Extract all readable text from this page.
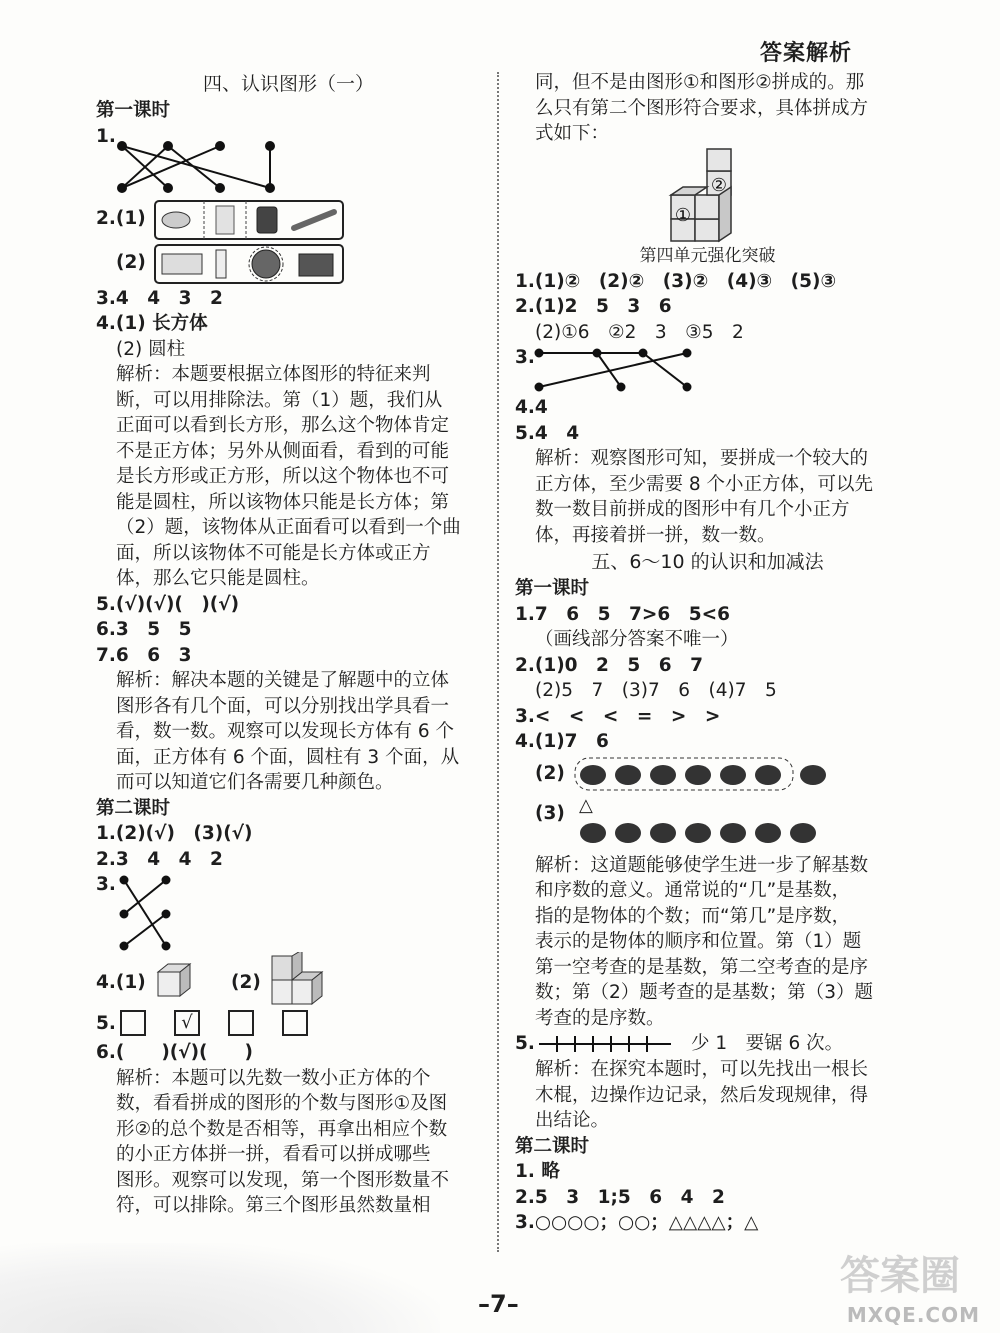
答案解析
四、认识图形（一）
第一课时
1.
2.(1)
(2)
3.4　4　3　2
4.(1) 长方体
(2) 圆柱
解析：本题要根据立体图形的特征来判
断，可以用排除法。第（1）题，我们从
正面可以看到长方形，那么这个物体肯定
不是正方体；另外从侧面看，看到的可能
是长方形或正方形，所以这个物体也不可
能是圆柱，所以该物体只能是长方体；第
（2）题，该物体从正面看可以看到一个曲
面，所以该物体不可能是长方体或正方
体，那么它只能是圆柱。
5.(√)(√)(　)(√)
6.3　5　5
7.6　6　3
解析：解决本题的关键是了解题中的立体
图形各有几个面，可以分别找出学具看一
看，数一数。观察可以发现长方体有 6 个
面，正方体有 6 个面，圆柱有 3 个面，从
而可以知道它们各需要几种颜色。
第二课时
1.(2)(√)　(3)(√)
2.3　4　4　2
3.
4.(1)	(2)
5.	√
6.(　　)(√)(　　)
解析：本题可以先数一数小正方体的个
数，看看拼成的图形的个数与图形①及图
形②的总个数是否相等，再拿出相应个数
的小正方体拼一拼，看看可以拼成哪些
图形。观察可以发现，第一个图形数量不
符，可以排除。第三个图形虽然数量相
同，但不是由图形①和图形②拼成的。那
么只有第二个图形符合要求，具体拼成方
式如下：
①
②
第四单元强化突破
1.(1)②　(2)②　(3)②　(4)③　(5)③
2.(1)2　5　3　6
(2)①6　②2　3　③5　2
3.
4.4
5.4　4
解析：观察图形可知，要拼成一个较大的
正方体，至少需要 8 个小正方体，可以先
数一数目前拼成的图形中有几个小正方
体，再接着拼一拼，数一数。
五、6～10 的认识和加减法
第一课时
1.7　6　5　7>6　5<6
（画线部分答案不唯一）
2.(1)0　2　5　6　7
(2)5　7　(3)7　6　(4)7　5
3.<　<　<　=　>　>
4.(1)7　6
(2)
(3) △
解析：这道题能够使学生进一步了解基数
和序数的意义。通常说的“几”是基数，
指的是物体的个数；而“第几”是序数，
表示的是物体的顺序和位置。第（1）题
第一空考查的是基数，第二空考查的是序
数；第（2）题考查的是基数；第（3）题
考查的是序数。
5.	少 1　要锯 6 次。
解析：在探究本题时，可以先找出一根长
木棍，边操作边记录，然后发现规律，得
出结论。
第二课时
1. 略
2.5　3　1;5　6　4　2
3.○○○○；○○；△△△△；△
–7–
答案圈
MXQE.COM
